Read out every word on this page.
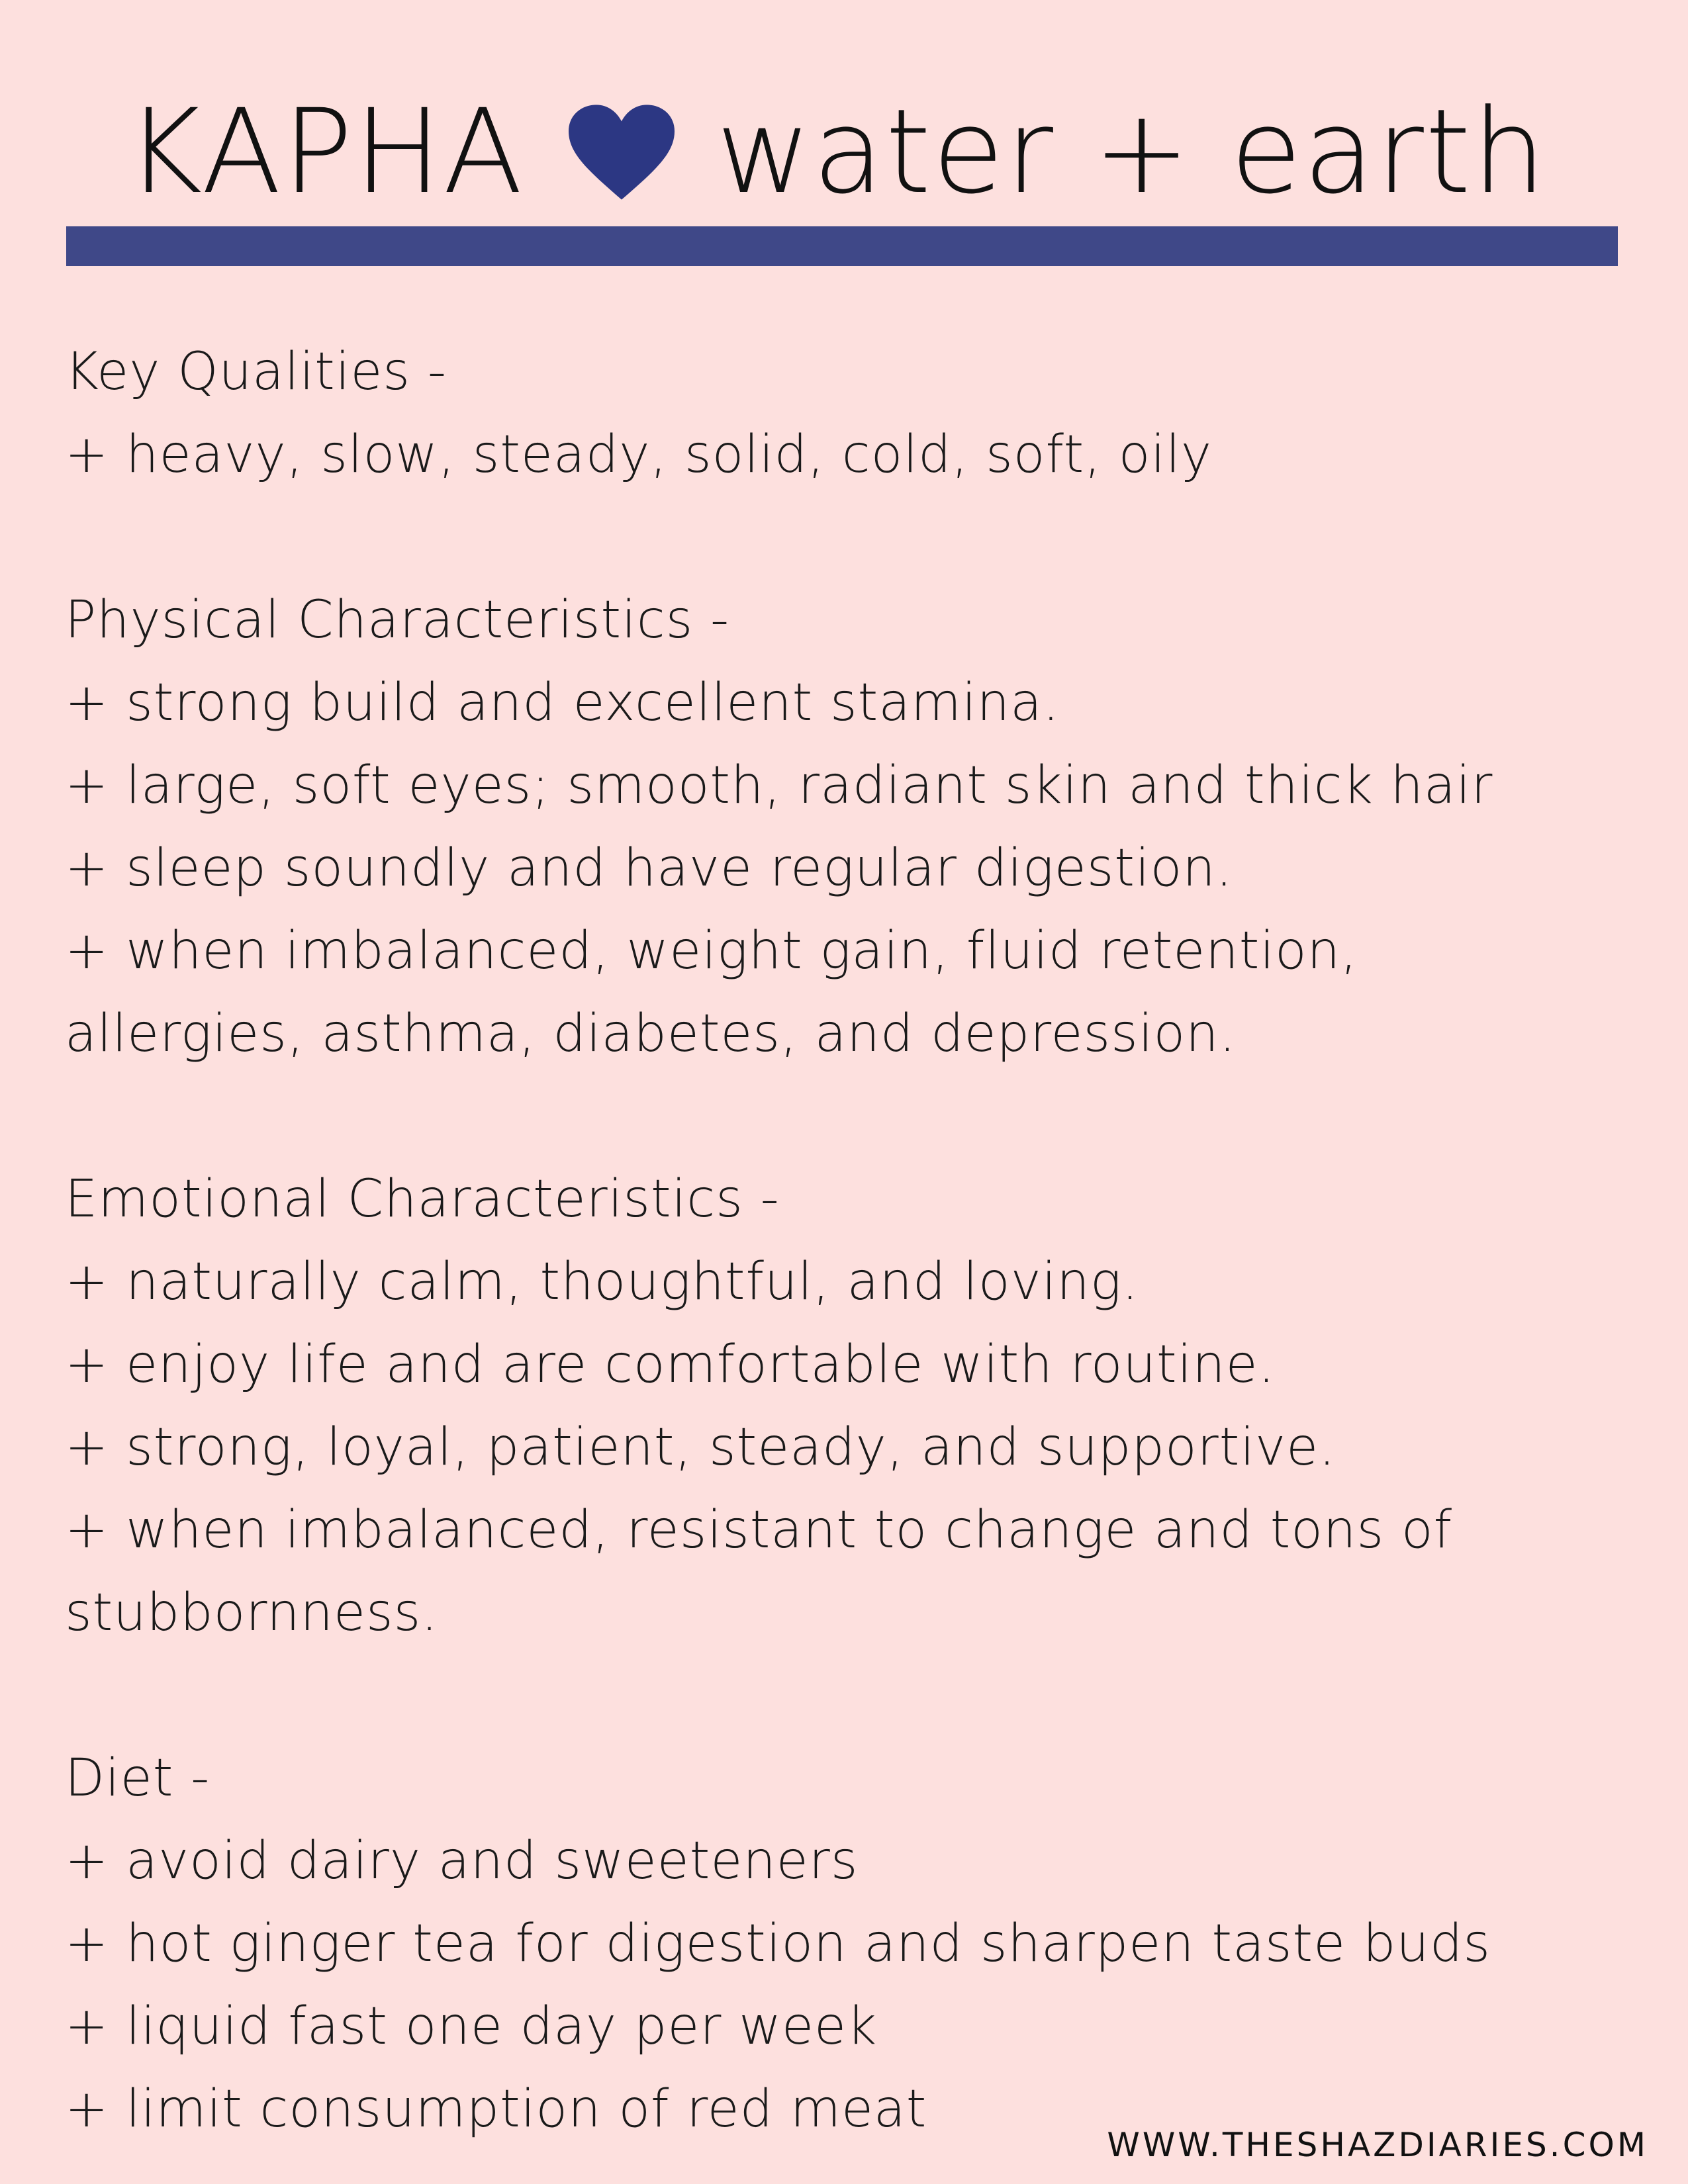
KAPHA water + earth
Key Qualities -
+ heavy, slow, steady, solid, cold, soft, oily
Physical Characteristics -
+ strong build and excellent stamina.
+ large, soft eyes; smooth, radiant skin and thick hair
+ sleep soundly and have regular digestion.
+ when imbalanced, weight gain, fluid retention,
allergies, asthma, diabetes, and depression.
Emotional Characteristics -
+ naturally calm, thoughtful, and loving.
+ enjoy life and are comfortable with routine.
+ strong, loyal, patient, steady, and supportive.
+ when imbalanced, resistant to change and tons of
stubbornness.
Diet -
+ avoid dairy and sweeteners
+ hot ginger tea for digestion and sharpen taste buds
+ liquid fast one day per week
+ limit consumption of red meat
WWW.THESHAZDIARIES.COM
